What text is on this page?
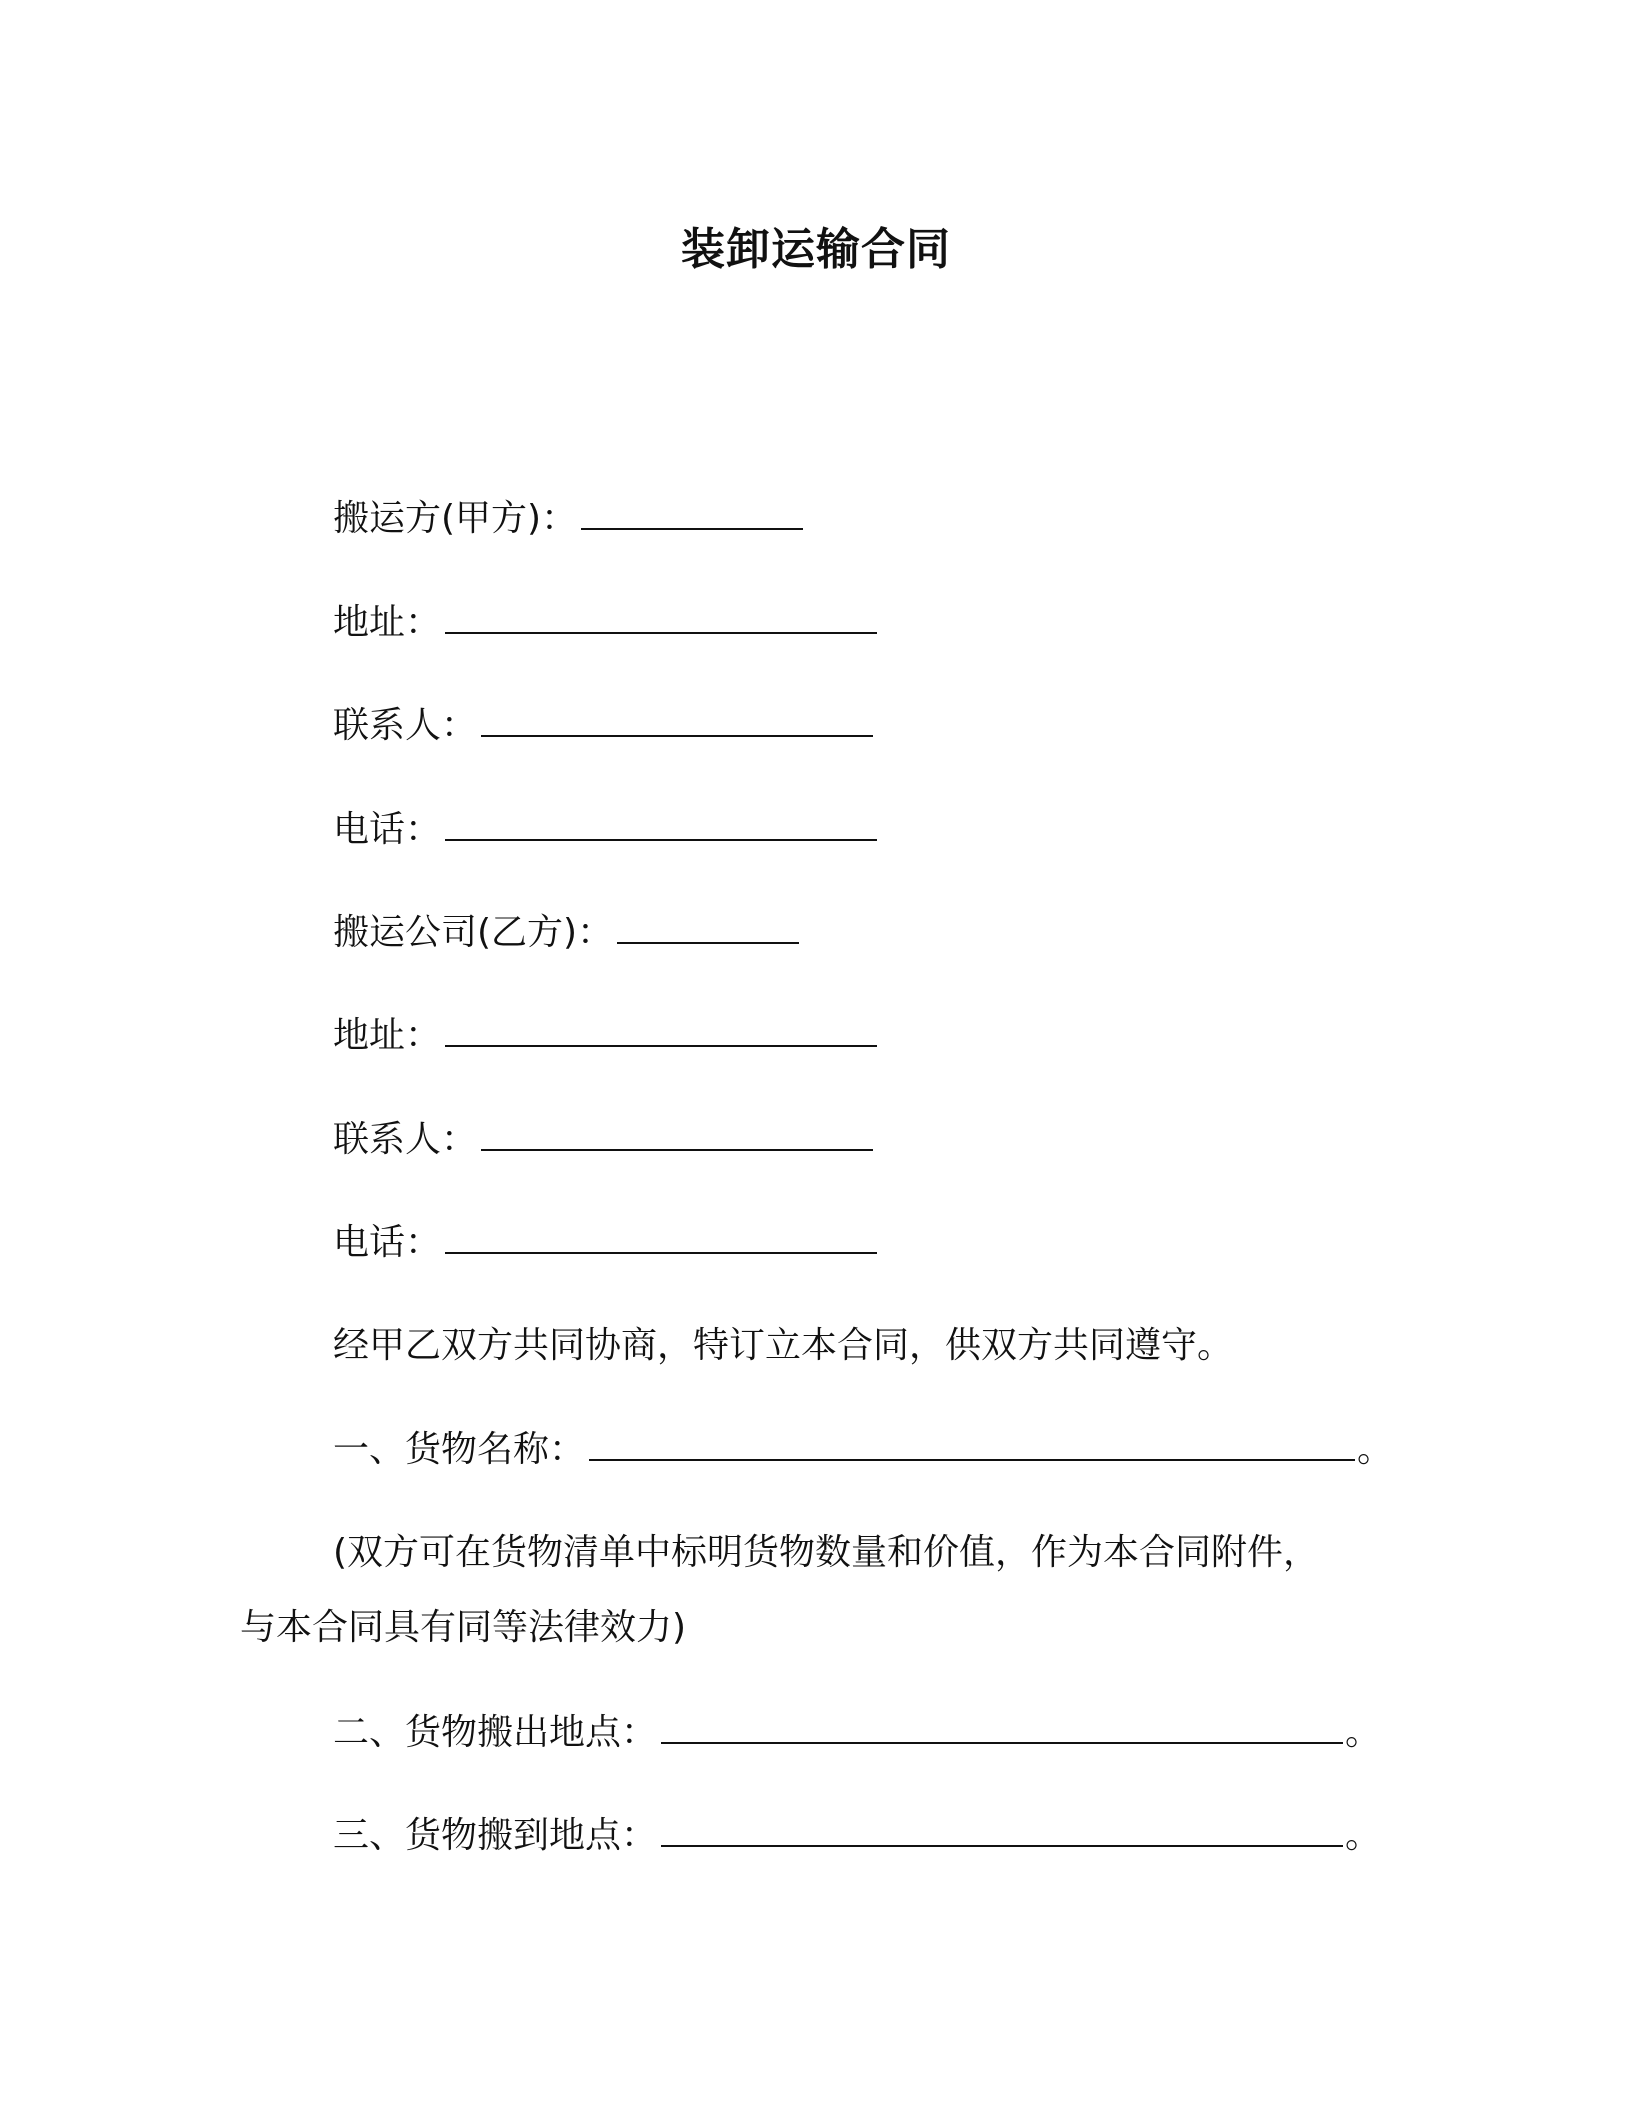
装卸运输合同
搬运方(甲方)：
地址：
联系人：
电话：
搬运公司(乙方)：
地址：
联系人：
电话：
经甲乙双方共同协商，特订立本合同，供双方共同遵守。
一、货物名称：	。
(双方可在货物清单中标明货物数量和价值，作为本合同附件，
与本合同具有同等法律效力)
二、货物搬出地点：	。
三、货物搬到地点：	。
